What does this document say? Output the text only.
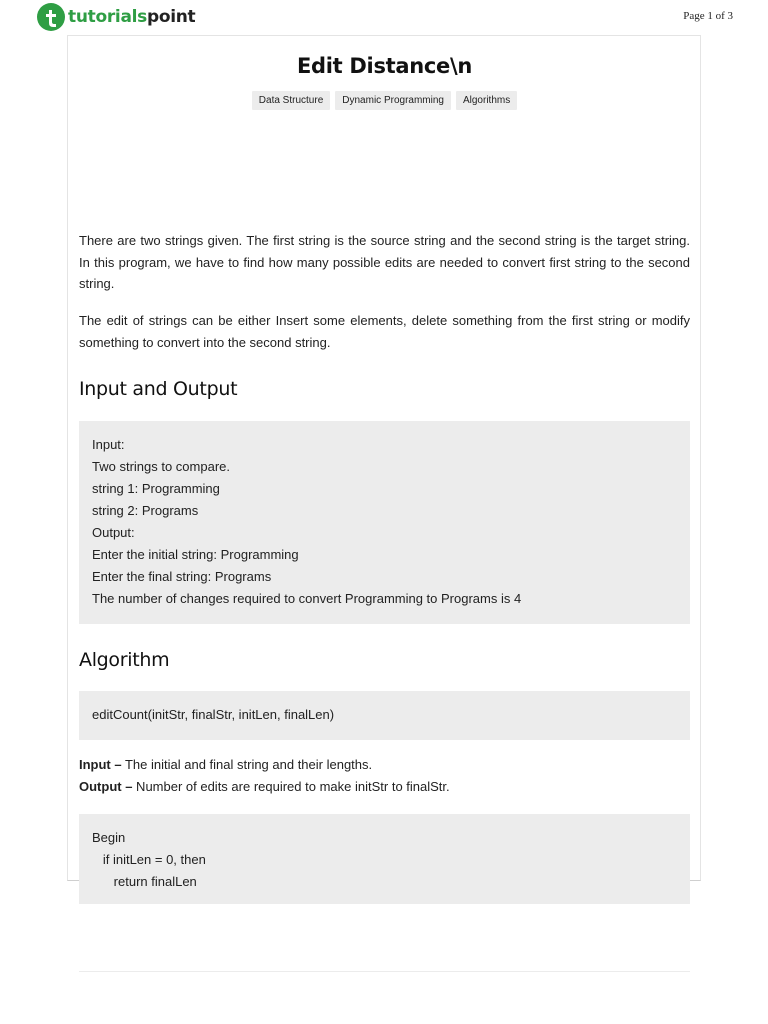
tutorialspoint	Page 1 of 3
Edit Distance\n
Data Structure	Dynamic Programming	Algorithms

There are two strings given. The first string is the source string and the second string is the target string. In this program, we have to find how many possible edits are needed to convert first string to the second string.

The edit of strings can be either Insert some elements, delete something from the first string or modify something to convert into the second string.

Input and Output
Input:
Two strings to compare.
string 1: Programming
string 2: Programs
Output:
Enter the initial string: Programming
Enter the final string: Programs
The number of changes required to convert Programming to Programs is 4
Algorithm
editCount(initStr, finalStr, initLen, finalLen)
Input – The initial and final string and their lengths.
Output – Number of edits are required to make initStr to finalStr.
Begin
if initLen = 0, then
return finalLen
